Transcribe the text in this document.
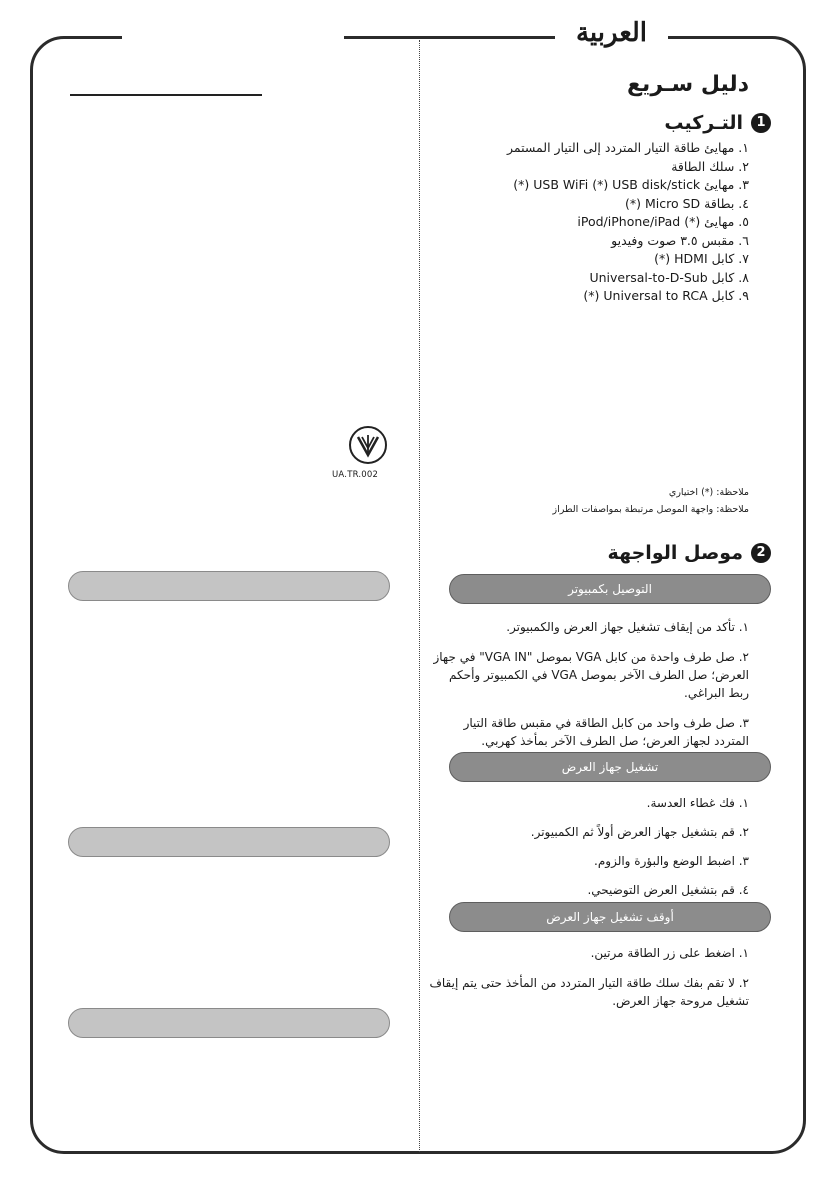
العربية
UA.TR.002
دليل سـريع
1
التـركيب
١. مهايئ طاقة التيار المتردد إلى التيار المستمر
٢. سلك الطاقة
٣. مهايئ USB WiFi (*) USB disk/stick (*)
٤. بطاقة Micro SD (*)
٥. مهايئ (*) iPod/iPhone/iPad
٦. مقبس ٣.٥ صوت وفيديو
٧. كابل HDMI (*)
٨. كابل Universal-to-D-Sub
٩. كابل Universal to RCA (*)
ملاحظة: (*) اختياري
ملاحظة: واجهة الموصل مرتبطة بمواصفات الطراز
2
موصل الواجهة
التوصيل بكمبيوتر

١. تأكد من إيقاف تشغيل جهاز العرض والكمبيوتر.

٢. صل طرف واحدة من كابل VGA بموصل "VGA IN" في جهاز العرض؛ صل الطرف الآخر بموصل VGA في الكمبيوتر وأحكم ربط البراغي.

٣. صل طرف واحد من كابل الطاقة في مقبس طاقة التيار المتردد لجهاز العرض؛ صل الطرف الآخر بمأخذ كهربي.

تشغيل جهاز العرض

١. فك غطاء العدسة.

٢. قم بتشغيل جهاز العرض أولاً ثم الكمبيوتر.

٣. اضبط الوضع والبؤرة والزوم.

٤. قم بتشغيل العرض التوضيحي.

أوقف تشغيل جهاز العرض

١. اضغط على زر الطاقة مرتين.

٢. لا تقم بفك سلك طاقة التيار المتردد من المأخذ حتى يتم إيقاف تشغيل مروحة جهاز العرض.
